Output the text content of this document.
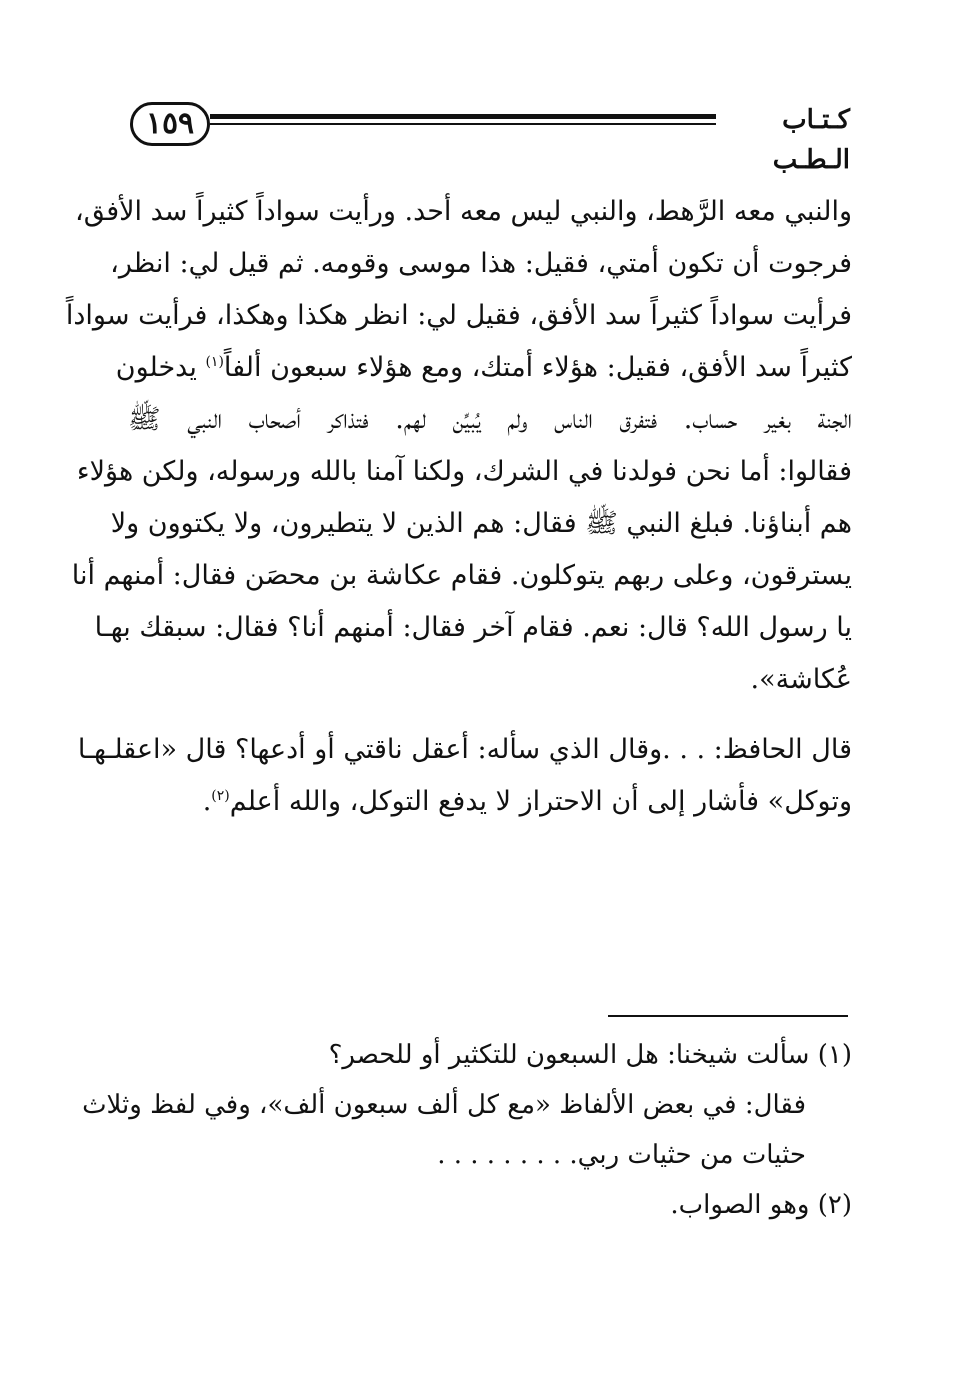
١٥٩	كـتـاب الـطـب

والنبي معه الرَّهط، والنبي ليس معه أحد. ورأيت سواداً كثيراً سد الأفق،
فرجوت أن تكون أمتي، فقيل: هذا موسى وقومه. ثم قيل لي: انظر،
فرأيت سواداً كثيراً سد الأفق، فقيل لي: انظر هكذا وهكذا، فرأيت سواداً
كثيراً سد الأفق، فقيل: هؤلاء أمتك، ومع هؤلاء سبعون ألفاً$^{(١)}$ يدخلون
الجنة بغير حساب. فتفرق الناس ولم يُبيِّن لهم. فتذاكر أصحاب النبي ﷺ
فقالوا: أما نحن فولدنا في الشرك، ولكنا آمنا بالله ورسوله، ولكن هؤلاء
هم أبناؤنا. فبلغ النبي ﷺ فقال: هم الذين لا يتطيرون، ولا يكتوون ولا
يسترقون، وعلى ربهم يتوكلون. فقام عكاشة بن محصَن فقال: أمنهم أنا
يا رسول الله؟ قال: نعم. فقام آخر فقال: أمنهم أنا؟ فقال: سبقك بهـا
عُكاشة».

قال الحافظ: . . .وقال الذي سأله: أعقل ناقتي أو أدعها؟ قال «اعقلـهـا
وتوكل» فأشار إلى أن الاحتراز لا يدفع التوكل، والله أعلم$^{(٢)}$.

(١) سألت شيخنا: هل السبعون للتكثير أو للحصر؟
فقال: في بعض الألفاظ «مع كل ألف سبعون ألف»، وفي لفظ وثلاث
حثيات من حثيات ربي. . . . . . . . .
(٢) وهو الصواب.
